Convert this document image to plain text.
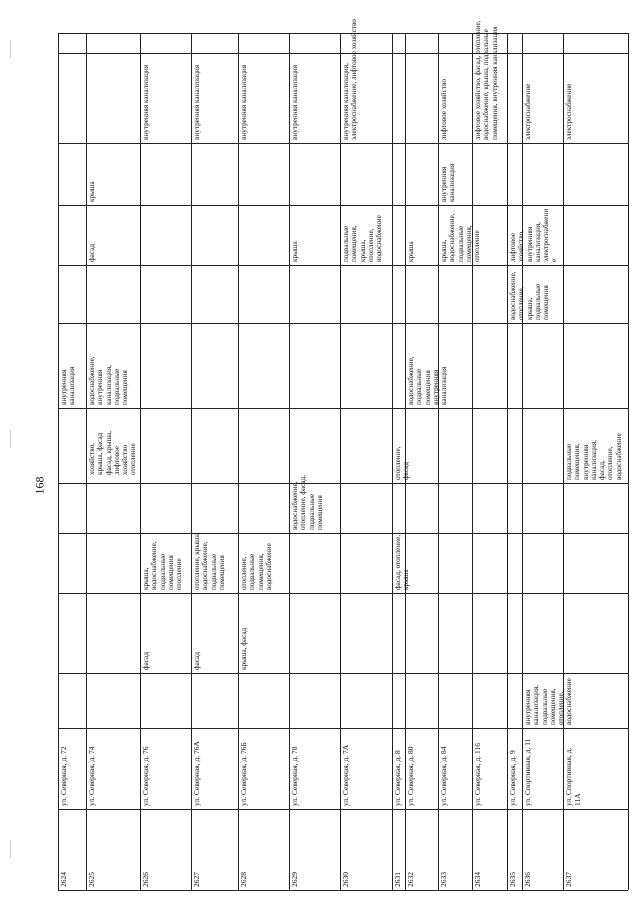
168
2624
ул. Северная, д. 72
внутренняя
канализация
2625
ул. Северная, д. 74
водоснабжение,
внутренняя
канализация,
подвальные
помещения
фасад
крыша
2626
ул. Северная, д. 76
фасад
крыша,
водоснабжение,
подвальные
помещения
отопление
внутренняя канализация
2627
ул. Северная, д. 76А
фасад
отопление, крыша,
водоснабжение,
подвальные
помещения
внутренняя канализация
2628
ул. Северная, д. 76Б
крыша, фасад
отопление,
подвальные
помещения,
водоснабжение
внутренняя канализация
2629
ул. Северная, д. 78
водоснабжение,
отопление, фасад,
подвальные
помещения
крыша
внутренняя канализация
2630
ул. Северная, д. 7А
подвальные
помещения,
крыша,
отопление,
водоснабжение
внутренняя канализация,
электроснабжение, лифтовое хозяйство
2631
ул. Северная, д. 8
фасад, отопление,
крыша
отопление,
фасад
2632
ул. Северная, д. 80
водоснабжение,
подвальные
помещения
внутренняя
канализация
крыша
2633
ул. Северная, д. 84
крыша,
водоснабжение,
подвальные
помещения,
отопление
внутренняя
канализация
лифтовое хозяйство
2634
ул. Северная, д. 116
лифтовое хозяйство, фасад, отопление,
водоснабжение, крыша, подвальные
помещения, внутренняя канализация
2635
ул. Северная, д. 9
водоснабжение,
отопление,
крыша,
подвальные
помещения
лифтовое
хозяйство,
внутренняя
канализация,
электроснабжени
е
2636
ул. Спортивная, д. 11
внутренняя
канализация,
подвальные
помещения,
отопление,
водоснабжение
электроснабжение
2637
ул. Спортивная, д. 11А
подвальные
помещения,
внутренняя
канализация,
фасад,
отопление,
водоснабжение
электроснабжение
хозяйство,
крыша, фасад
фасад, крыша,
лифтовое
хозяйство
отопление
